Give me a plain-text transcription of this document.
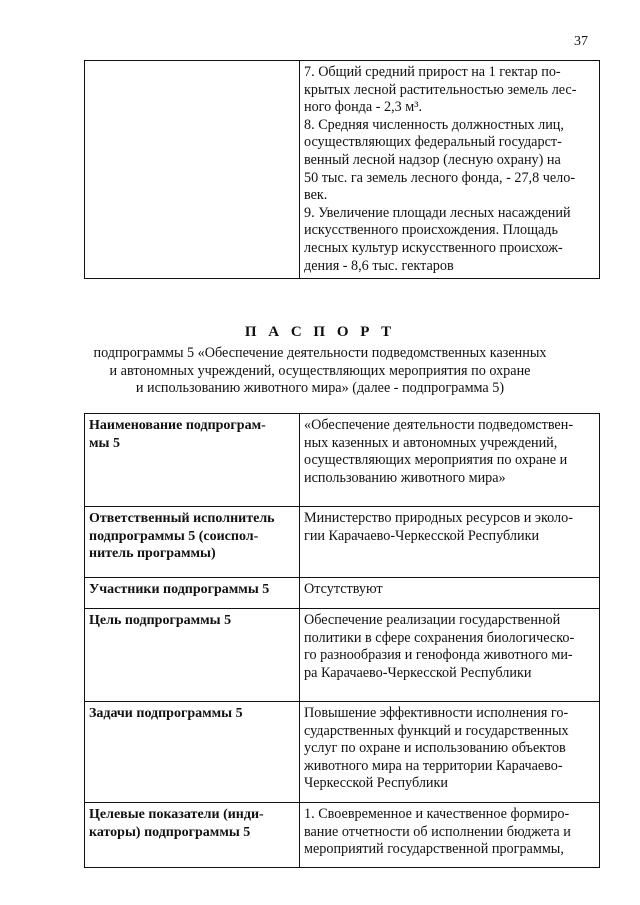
37

7. Общий средний прирост на 1 гектар по-
крытых лесной растительностью земель лес-
ного фонда - 2,3 м³.

8. Средняя численность должностных лиц,
осуществляющих федеральный государст-
венный лесной надзор (лесную охрану) на
50 тыс. га земель лесного фонда, - 27,8 чело-
век.

9. Увеличение площади лесных насаждений
искусственного происхождения. Площадь
лесных культур искусственного происхож-
дения - 8,6 тыс. гектаров

П А С П О Р Т
подпрограммы 5 «Обеспечение деятельности подведомственных казенных
и автономных учреждений, осуществляющих мероприятия по охране
и использованию животного мира» (далее - подпрограмма 5)
Наименование подпрограм-
мы 5	«Обеспечение деятельности подведомствен-
ных казенных и автономных учреждений,
осуществляющих мероприятия по охране и
использованию животного мира»

Ответственный исполнитель
подпрограммы 5 (соиспол-
нитель программы)	Министерство природных ресурсов и эколо-
гии Карачаево-Черкесской Республики

Участники подпрограммы 5	Отсутствуют

Цель подпрограммы 5	Обеспечение реализации государственной
политики в сфере сохранения биологическо-
го разнообразия и генофонда животного ми-
ра Карачаево-Черкесской Республики

Задачи подпрограммы 5	Повышение эффективности исполнения го-
сударственных функций и государственных
услуг по охране и использованию объектов
животного мира на территории Карачаево-
Черкесской Республики

Целевые показатели (инди-
каторы) подпрограммы 5	1. Своевременное и качественное формиро-
вание отчетности об исполнении бюджета и
мероприятий государственной программы,
